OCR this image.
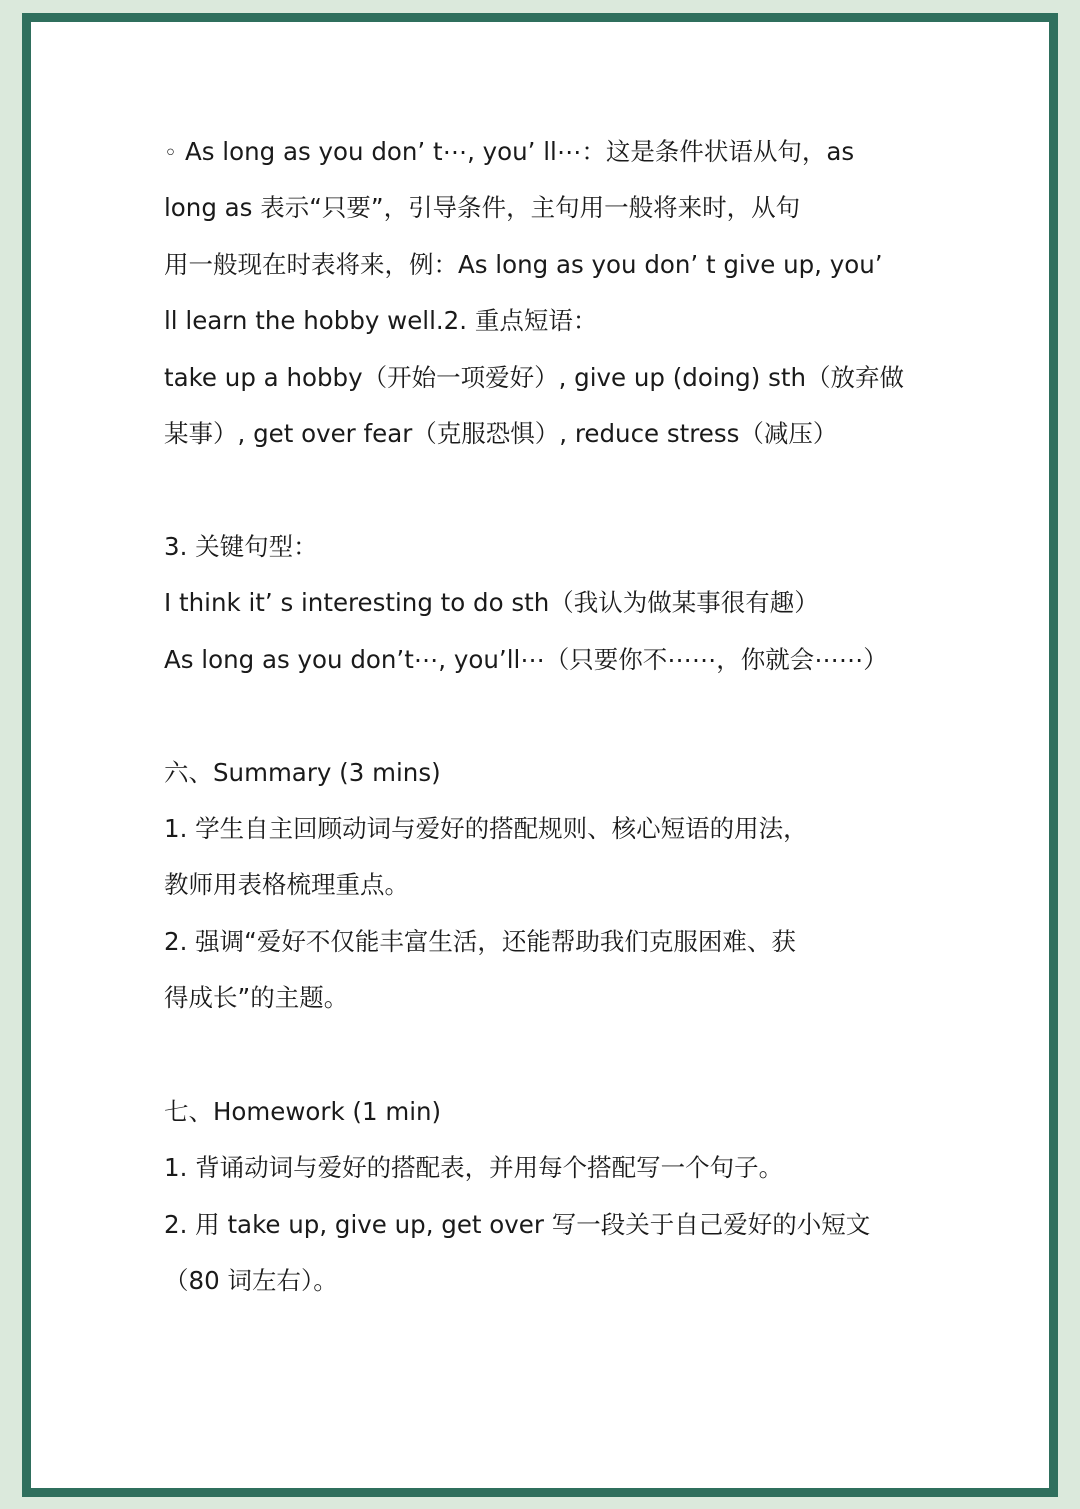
◦ As long as you don’ t⋯, you’ ll⋯：这是条件状语从句，as
long as 表示“只要”，引导条件，主句用一般将来时，从句
用一般现在时表将来，例：As long as you don’ t give up, you’
ll learn the hobby well.2. 重点短语：
take up a hobby（开始一项爱好）, give up (doing) sth（放弃做
某事）, get over fear（克服恐惧）, reduce stress（减压）
3. 关键句型：
I think it’ s interesting to do sth（我认为做某事很有趣）
As long as you don’t⋯, you’ll⋯（只要你不⋯⋯，你就会⋯⋯）
六、Summary (3 mins)
1. 学生自主回顾动词与爱好的搭配规则、核心短语的用法，
教师用表格梳理重点。
2. 强调“爱好不仅能丰富生活，还能帮助我们克服困难、获
得成长”的主题。
七、Homework (1 min)
1. 背诵动词与爱好的搭配表，并用每个搭配写一个句子。
2. 用 take up, give up, get over 写一段关于自己爱好的小短文
（80 词左右）。
